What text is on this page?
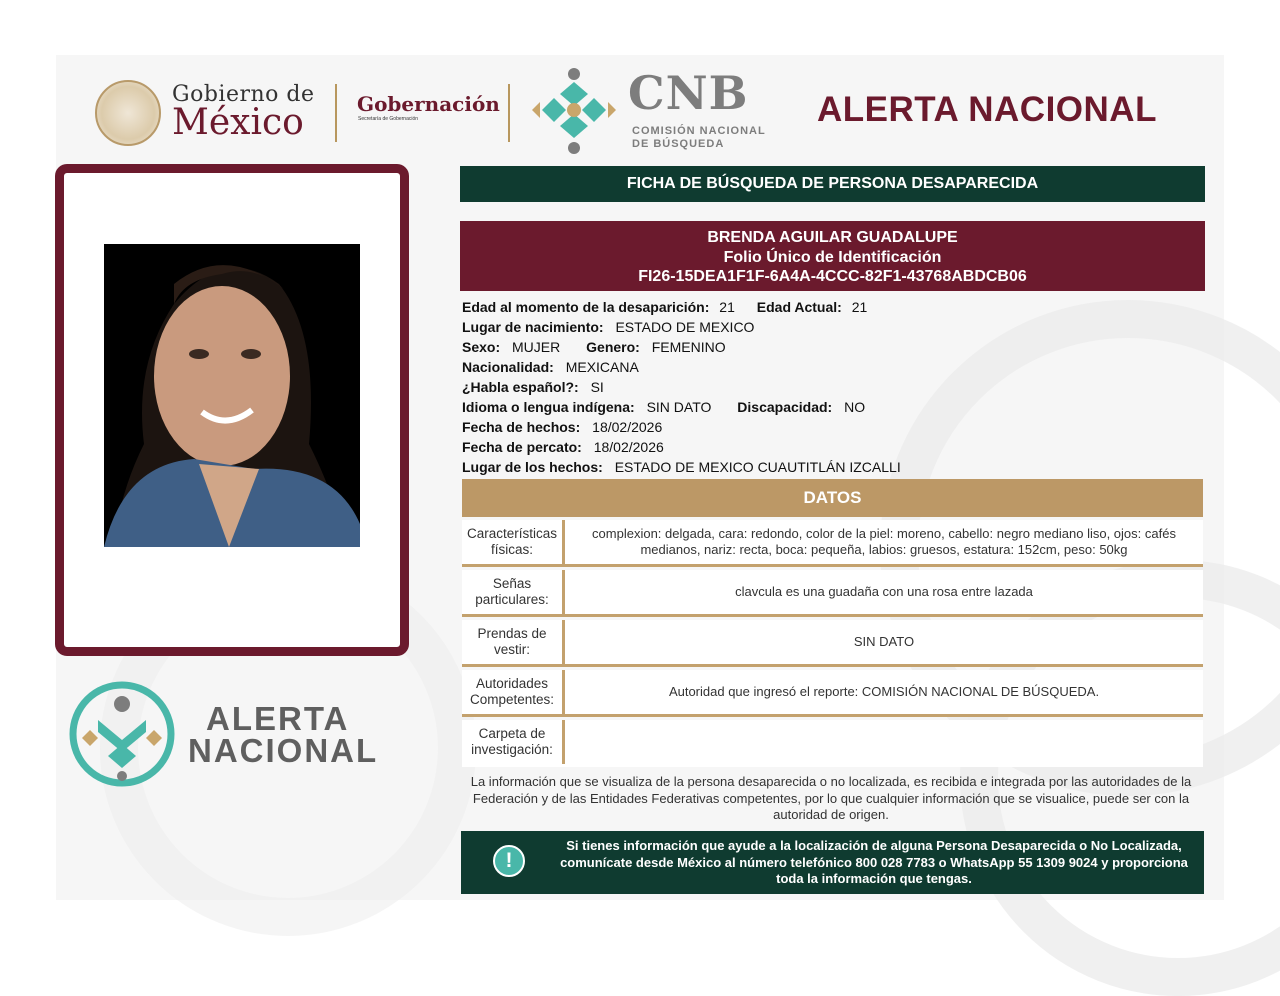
Gobierno de
México	Gobernación
Secretaría de Gobernación	CNB
COMISIÓN NACIONAL
DE BÚSQUEDA
ALERTA NACIONAL
ALERTA
NACIONAL
FICHA DE BÚSQUEDA DE PERSONA DESAPARECIDA
BRENDA AGUILAR GUADALUPE
Folio Único de Identificación
FI26-15DEA1F1F-6A4A-4CCC-82F1-43768ABDCB06
Edad al momento de la desaparición: 21 Edad Actual: 21
Lugar de nacimiento: ESTADO DE MEXICO
Sexo: MUJER Genero: FEMENINO
Nacionalidad: MEXICANA
¿Habla español?: SI
Idioma o lengua indígena: SIN DATO Discapacidad: NO
Fecha de hechos: 18/02/2026
Fecha de percato: 18/02/2026
Lugar de los hechos: ESTADO DE MEXICO CUAUTITLÁN IZCALLI
DATOS
Características físicas:
complexion: delgada, cara: redondo, color de la piel: moreno, cabello: negro mediano liso, ojos: cafés medianos, nariz: recta, boca: pequeña, labios: gruesos, estatura: 152cm, peso: 50kg
Señas particulares:
clavcula es una guadaña con una rosa entre lazada
Prendas de vestir:
SIN DATO
Autoridades Competentes:
Autoridad que ingresó el reporte: COMISIÓN NACIONAL DE BÚSQUEDA.
Carpeta de investigación:
La información que se visualiza de la persona desaparecida o no localizada, es recibida e integrada por las autoridades de la Federación y de las Entidades Federativas competentes, por lo que cualquier información que se visualice, puede ser con la autoridad de origen.
!
Si tienes información que ayude a la localización de alguna Persona Desaparecida o No Localizada, comunícate desde México al número telefónico 800 028 7783 o WhatsApp 55 1309 9024 y proporciona toda la información que tengas.
